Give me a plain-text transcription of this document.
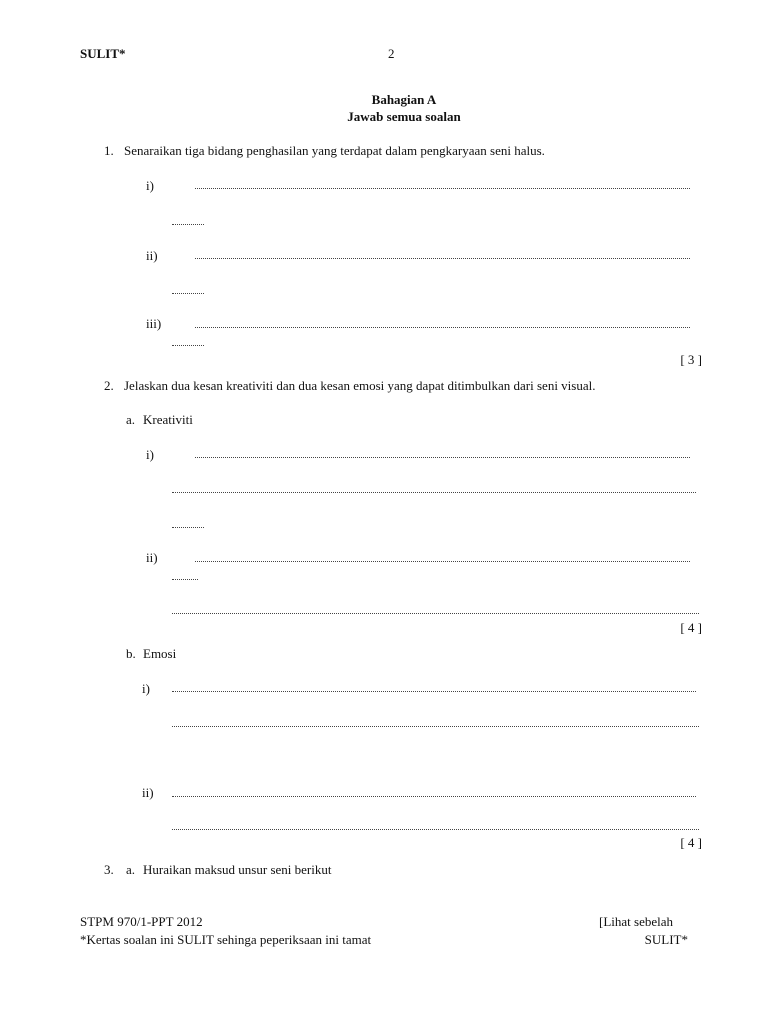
SULIT*	2
Bahagian A
Jawab semua soalan
1. Senaraikan tiga bidang penghasilan yang terdapat dalam pengkaryaan seni halus.
i)
ii)
iii)
[ 3 ]
2. Jelaskan dua kesan kreativiti dan dua kesan emosi yang dapat ditimbulkan dari seni visual.
a. Kreativiti
i)
ii)
[ 4 ]
b. Emosi
i)
ii)
[ 4 ]
3. a. Huraikan maksud unsur seni berikut
STPM 970/1-PPT 2012
*Kertas soalan ini SULIT sehinga peperiksaan ini tamat
[Lihat sebelah
SULIT*
